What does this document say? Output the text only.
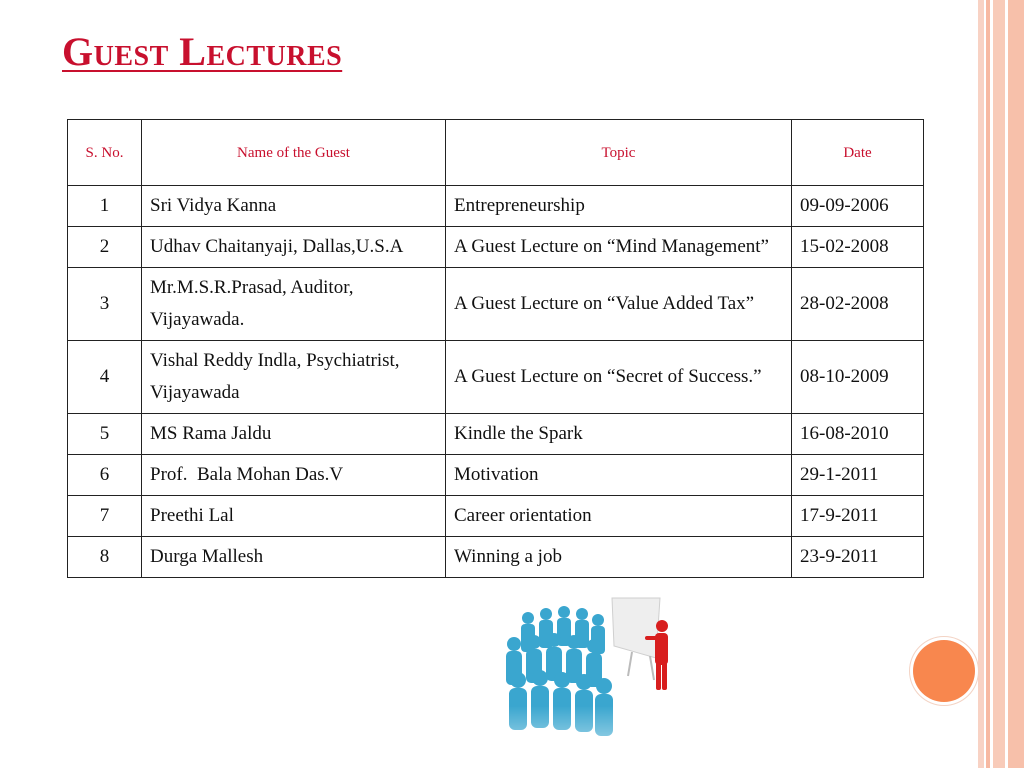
Guest Lectures
S. No.	Name of the Guest	Topic	Date
1	Sri Vidya Kanna	Entrepreneurship	09-09-2006
2	Udhav Chaitanyaji, Dallas,U.S.A	A Guest Lecture on “Mind Management”	15-02-2008
3	Mr.M.S.R.Prasad, Auditor, Vijayawada.	A Guest Lecture on “Value Added Tax”	28-02-2008
4	Vishal Reddy Indla, Psychiatrist, Vijayawada	A Guest Lecture on “Secret of Success.”	08-10-2009
5	MS Rama Jaldu	Kindle the Spark	16-08-2010
6	Prof.  Bala Mohan Das.V	Motivation	29-1-2011
7	Preethi Lal	Career orientation	17-9-2011
8	Durga Mallesh	Winning a job	23-9-2011
